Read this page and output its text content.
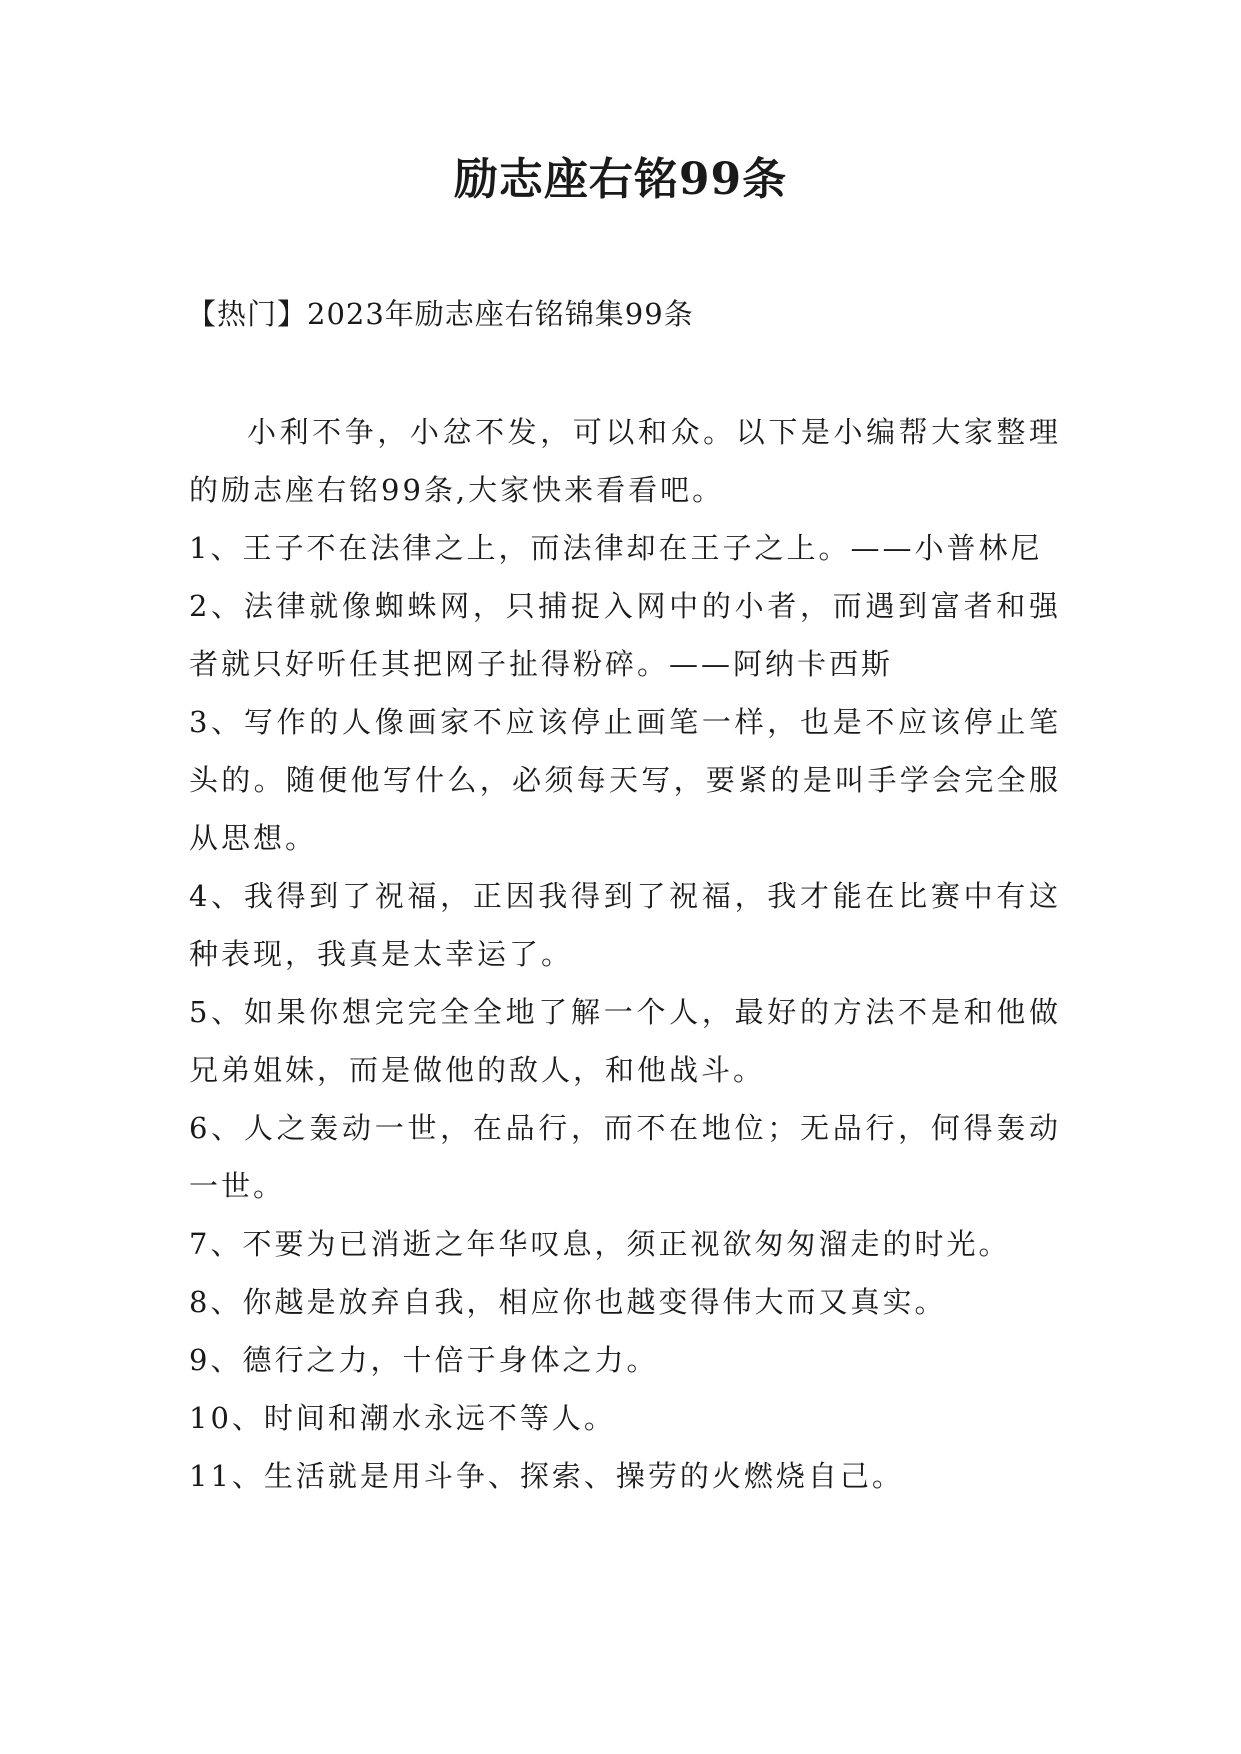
励志座右铭99条
【热门】2023年励志座右铭锦集99条

小利不争，小忿不发，可以和众。以下是小编帮大家整理的励志座右铭99条,大家快来看看吧。

1、王子不在法律之上，而法律却在王子之上。——小普林尼

2、法律就像蜘蛛网，只捕捉入网中的小者，而遇到富者和强者就只好听任其把网子扯得粉碎。——阿纳卡西斯

3、写作的人像画家不应该停止画笔一样，也是不应该停止笔头的。随便他写什么，必须每天写，要紧的是叫手学会完全服从思想。

4、我得到了祝福，正因我得到了祝福，我才能在比赛中有这种表现，我真是太幸运了。

5、如果你想完完全全地了解一个人，最好的方法不是和他做兄弟姐妹，而是做他的敌人，和他战斗。

6、人之轰动一世，在品行，而不在地位；无品行，何得轰动一世。

7、不要为已消逝之年华叹息，须正视欲匆匆溜走的时光。

8、你越是放弃自我，相应你也越变得伟大而又真实。

9、德行之力，十倍于身体之力。

10、时间和潮水永远不等人。

11、生活就是用斗争、探索、操劳的火燃烧自己。
